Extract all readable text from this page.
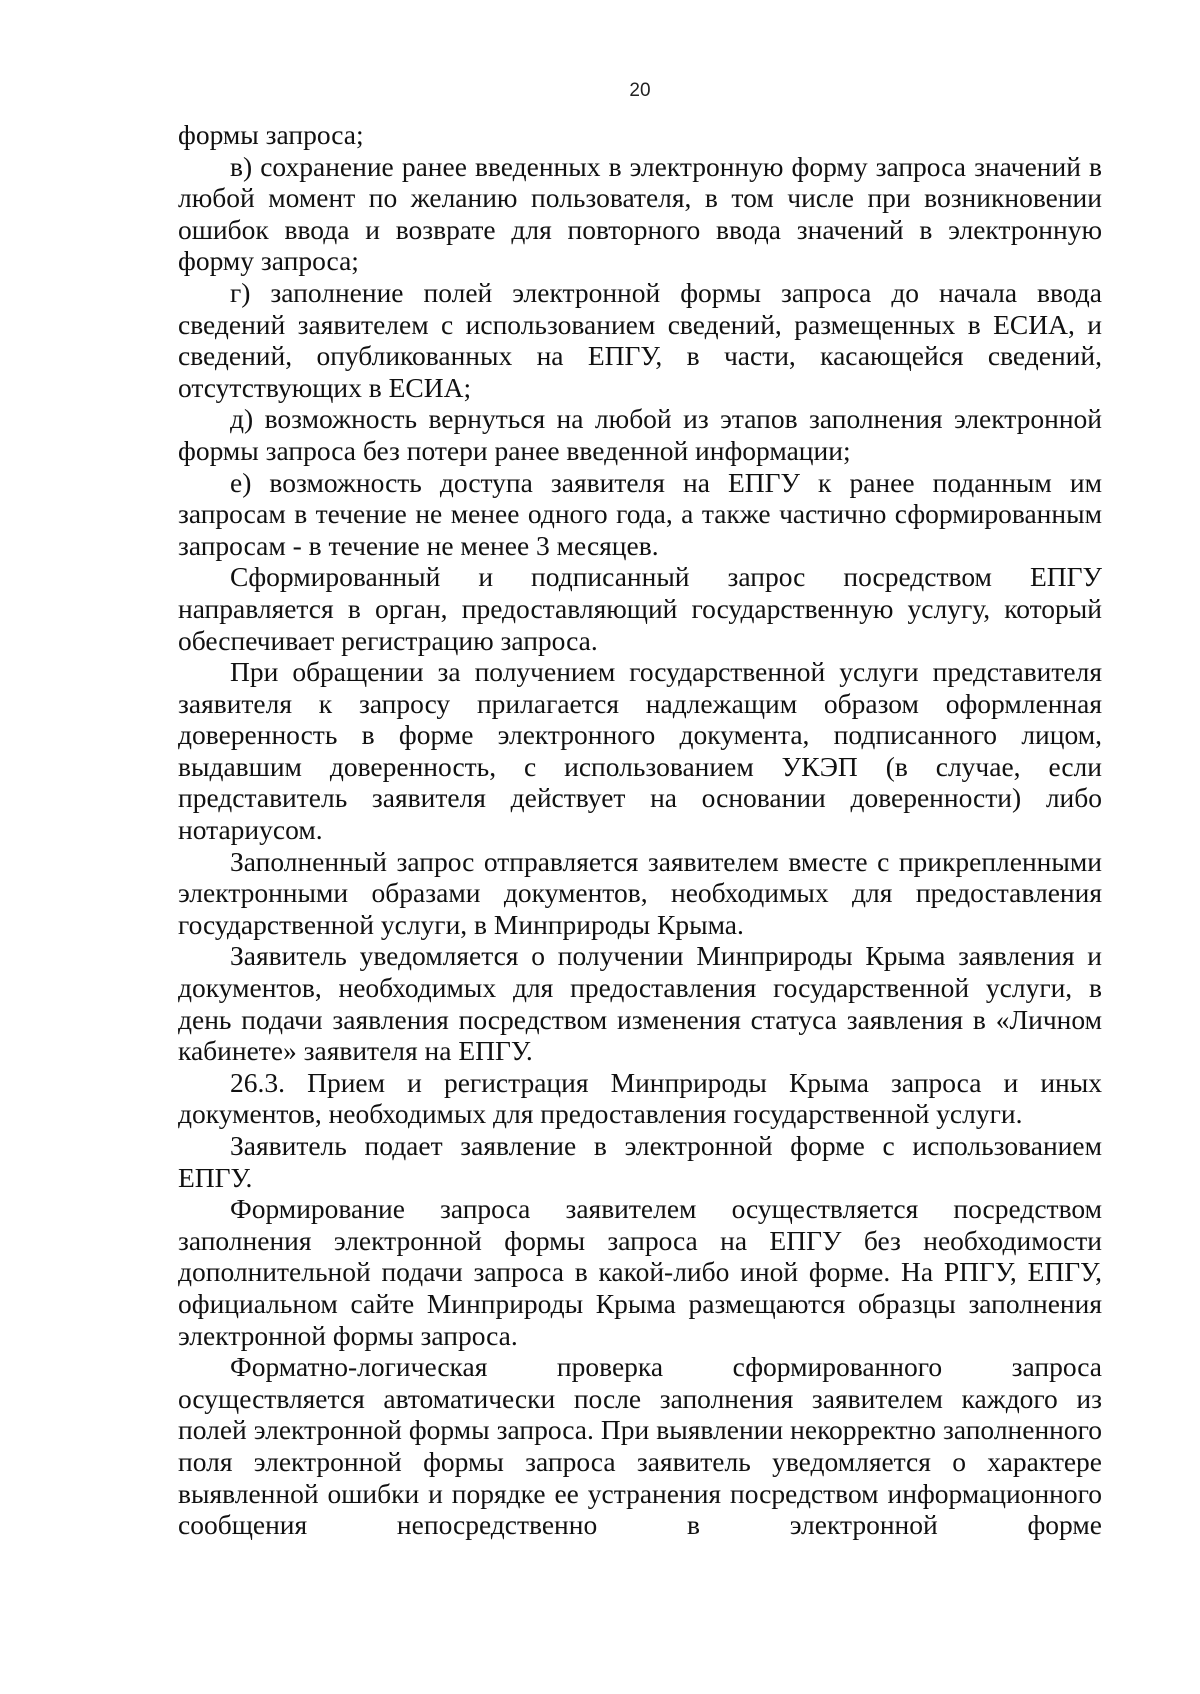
20

формы запроса;

в) сохранение ранее введенных в электронную форму запроса значений в любой момент по желанию пользователя, в том числе при возникновении ошибок ввода и возврате для повторного ввода значений в электронную форму запроса;

г) заполнение полей электронной формы запроса до начала ввода сведений заявителем с использованием сведений, размещенных в ЕСИА, и сведений, опубликованных на ЕПГУ, в части, касающейся сведений, отсутствующих в ЕСИА;

д) возможность вернуться на любой из этапов заполнения электронной формы запроса без потери ранее введенной информации;

е) возможность доступа заявителя на ЕПГУ к ранее поданным им запросам в течение не менее одного года, а также частично сформированным запросам - в течение не менее 3 месяцев.

Сформированный и подписанный запрос посредством ЕПГУ направляется в орган, предоставляющий государственную услугу, который обеспечивает регистрацию запроса.

При обращении за получением государственной услуги представителя заявителя к запросу прилагается надлежащим образом оформленная доверенность в форме электронного документа, подписанного лицом, выдавшим доверенность, с использованием УКЭП (в случае, если представитель заявителя действует на основании доверенности) либо нотариусом.

Заполненный запрос отправляется заявителем вместе с прикрепленными электронными образами документов, необходимых для предоставления государственной услуги, в Минприроды Крыма.

Заявитель уведомляется о получении Минприроды Крыма заявления и документов, необходимых для предоставления государственной услуги, в день подачи заявления посредством изменения статуса заявления в «Личном кабинете» заявителя на ЕПГУ.

26.3. Прием и регистрация Минприроды Крыма запроса и иных документов, необходимых для предоставления государственной услуги.

Заявитель подает заявление в электронной форме с использованием ЕПГУ.

Формирование запроса заявителем осуществляется посредством заполнения электронной формы запроса на ЕПГУ без необходимости дополнительной подачи запроса в какой-либо иной форме. На РПГУ, ЕПГУ, официальном сайте Минприроды Крыма размещаются образцы заполнения электронной формы запроса.

Форматно-логическая проверка сформированного запроса осуществляется автоматически после заполнения заявителем каждого из полей электронной формы запроса. При выявлении некорректно заполненного поля электронной формы запроса заявитель уведомляется о характере выявленной ошибки и порядке ее устранения посредством информационного сообщения непосредственно в электронной форме
